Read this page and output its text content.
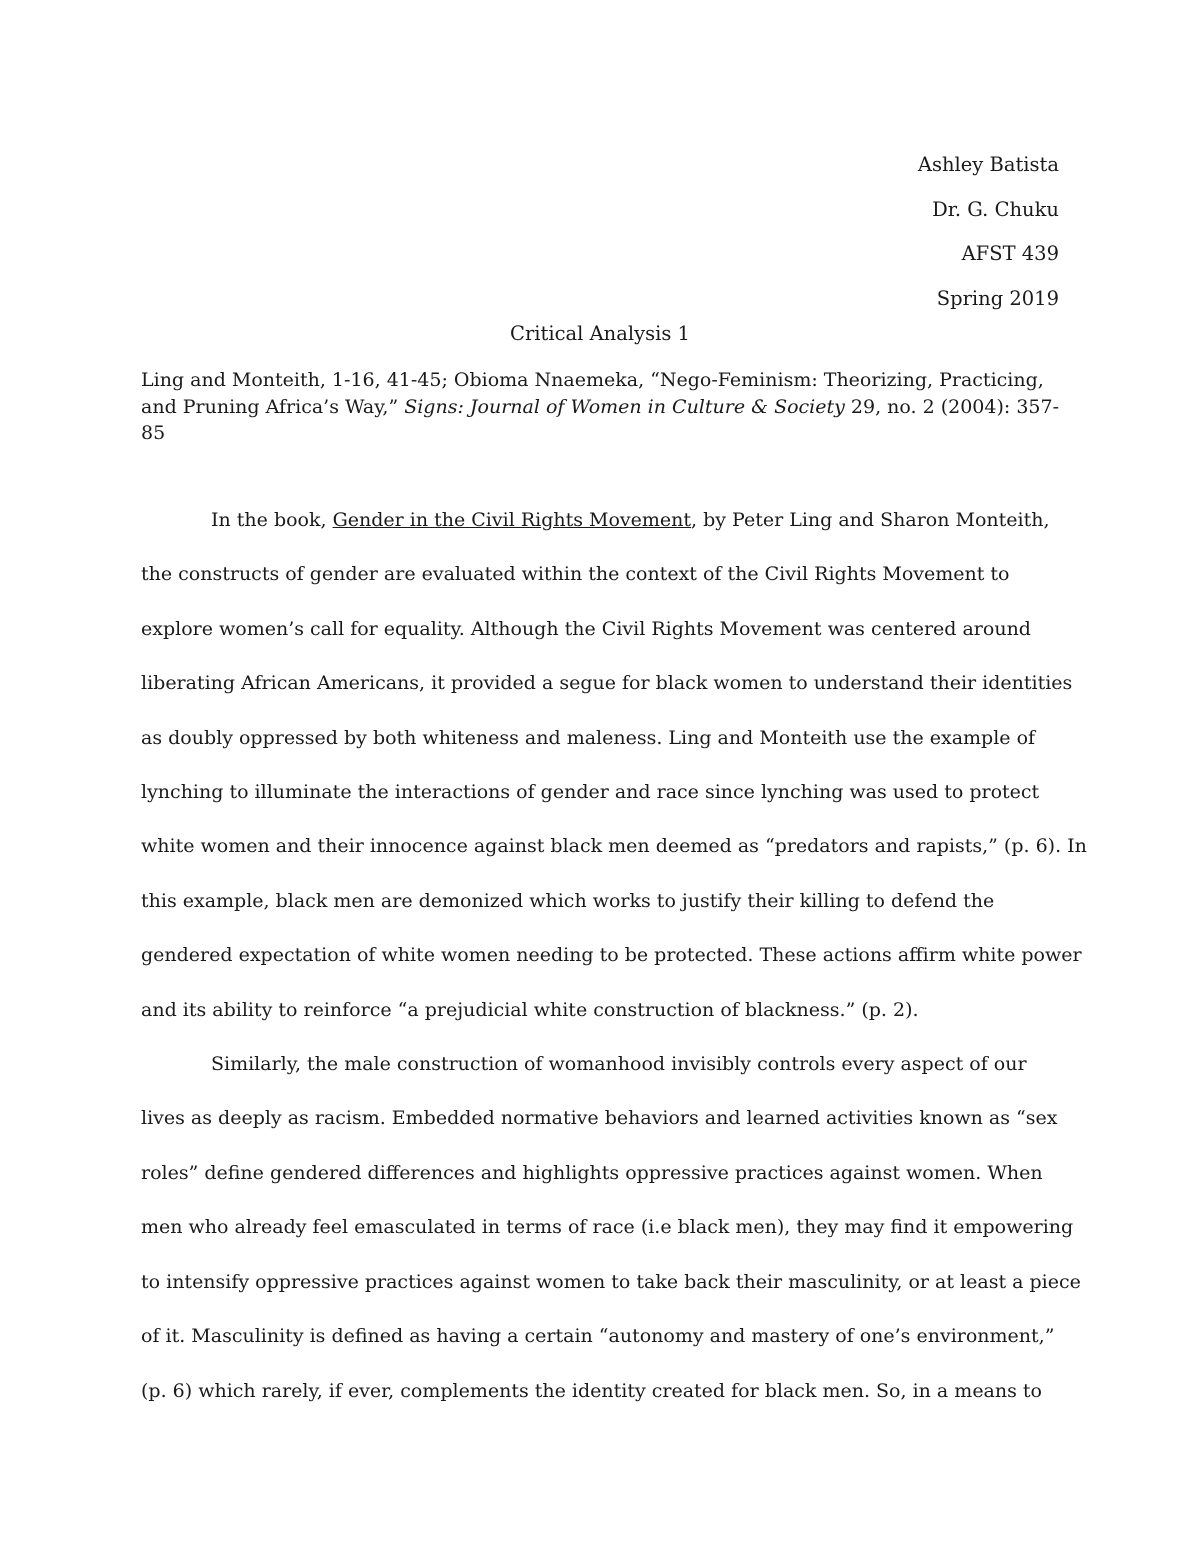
Ashley Batista
Dr. G. Chuku
AFST 439
Spring 2019
Critical Analysis 1
Ling and Monteith, 1-16, 41-45; Obioma Nnaemeka, “Nego-Feminism: Theorizing, Practicing,
and Pruning Africa’s Way,” Signs: Journal of Women in Culture & Society 29, no. 2 (2004): 357-
85
In the book, Gender in the Civil Rights Movement, by Peter Ling and Sharon Monteith,
the constructs of gender are evaluated within the context of the Civil Rights Movement to
explore women’s call for equality. Although the Civil Rights Movement was centered around
liberating African Americans, it provided a segue for black women to understand their identities
as doubly oppressed by both whiteness and maleness. Ling and Monteith use the example of
lynching to illuminate the interactions of gender and race since lynching was used to protect
white women and their innocence against black men deemed as “predators and rapists,” (p. 6). In
this example, black men are demonized which works to justify their killing to defend the
gendered expectation of white women needing to be protected. These actions affirm white power
and its ability to reinforce “a prejudicial white construction of blackness.” (p. 2).
Similarly, the male construction of womanhood invisibly controls every aspect of our
lives as deeply as racism. Embedded normative behaviors and learned activities known as “sex
roles” define gendered differences and highlights oppressive practices against women. When
men who already feel emasculated in terms of race (i.e black men), they may find it empowering
to intensify oppressive practices against women to take back their masculinity, or at least a piece
of it. Masculinity is defined as having a certain “autonomy and mastery of one’s environment,”
(p. 6) which rarely, if ever, complements the identity created for black men. So, in a means to
